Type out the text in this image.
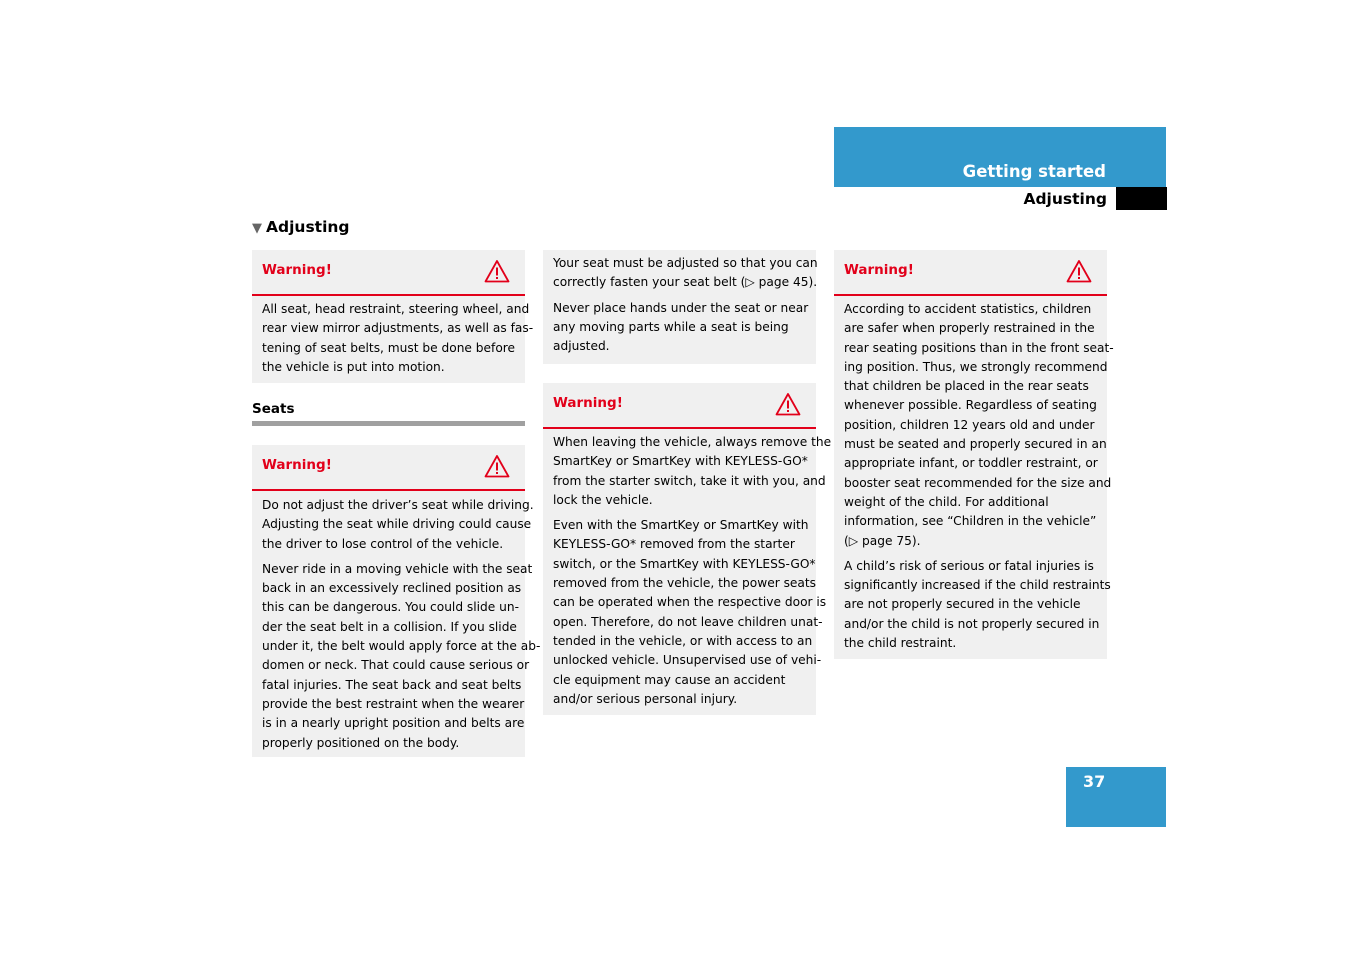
Getting started
Adjusting
▼ Adjusting
Warning!
All seat, head restraint, steering wheel, and
rear view mirror adjustments, as well as fas-
tening of seat belts, must be done before
the vehicle is put into motion.
Seats
Warning!
Do not adjust the driver’s seat while driving.
Adjusting the seat while driving could cause
the driver to lose control of the vehicle.
Never ride in a moving vehicle with the seat
back in an excessively reclined position as
this can be dangerous. You could slide un-
der the seat belt in a collision. If you slide
under it, the belt would apply force at the ab-
domen or neck. That could cause serious or
fatal injuries. The seat back and seat belts
provide the best restraint when the wearer
is in a nearly upright position and belts are
properly positioned on the body.
Your seat must be adjusted so that you can
correctly fasten your seat belt (▷ page 45).
Never place hands under the seat or near
any moving parts while a seat is being
adjusted.
Warning!
When leaving the vehicle, always remove the
SmartKey or SmartKey with KEYLESS-GO*
from the starter switch, take it with you, and
lock the vehicle.
Even with the SmartKey or SmartKey with
KEYLESS-GO* removed from the starter
switch, or the SmartKey with KEYLESS-GO*
removed from the vehicle, the power seats
can be operated when the respective door is
open. Therefore, do not leave children unat-
tended in the vehicle, or with access to an
unlocked vehicle. Unsupervised use of vehi-
cle equipment may cause an accident
and/or serious personal injury.
Warning!
According to accident statistics, children
are safer when properly restrained in the
rear seating positions than in the front seat-
ing position. Thus, we strongly recommend
that children be placed in the rear seats
whenever possible. Regardless of seating
position, children 12 years old and under
must be seated and properly secured in an
appropriate infant, or toddler restraint, or
booster seat recommended for the size and
weight of the child. For additional
information, see “Children in the vehicle”
(▷ page 75).
A child’s risk of serious or fatal injuries is
significantly increased if the child restraints
are not properly secured in the vehicle
and/or the child is not properly secured in
the child restraint.
37
